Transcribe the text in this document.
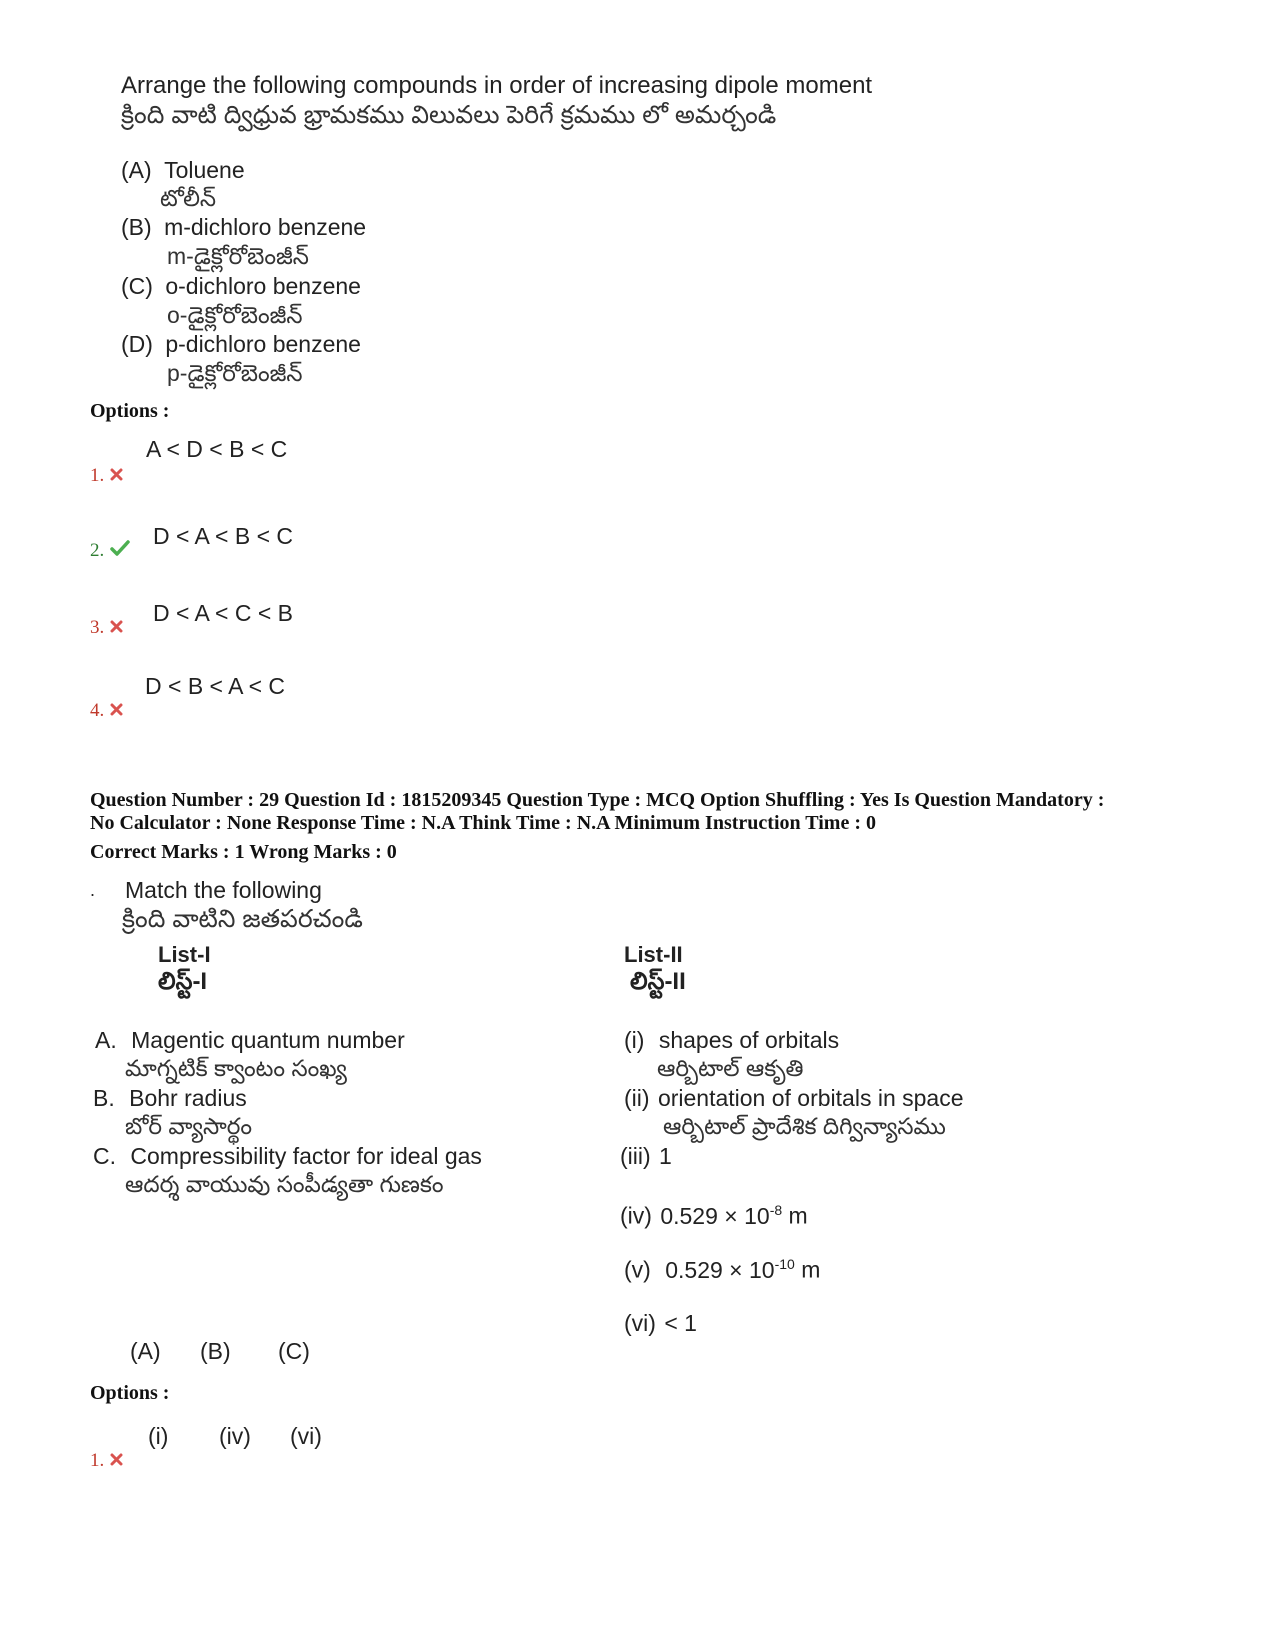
Arrange the following compounds in order of increasing dipole moment
క్రింది వాటి ద్విధ్రువ భ్రామకము విలువలు పెరిగే క్రమము లో అమర్చండి
(A) Toluene
టోలీన్
(B) m-dichloro benzene
m-డైక్లోరోబెంజీన్
(C) o-dichloro benzene
o-డైక్లోరోబెంజీన్
(D) p-dichloro benzene
p-డైక్లోరోబెంజీన్
Options :
A < D < B < C
1.
D < A < B < C
2.
D < A < C < B
3.
D < B < A < C
4.
Question Number : 29 Question Id : 1815209345 Question Type : MCQ Option Shuffling : Yes Is Question Mandatory :
No Calculator : None Response Time : N.A Think Time : N.A Minimum Instruction Time : 0
Correct Marks : 1 Wrong Marks : 0
. Match the following
క్రింది వాటిని జతపరచండి
List-I
లిస్ట్-I
List-II
లిస్ట్-II
A. Magentic quantum number
మాగ్నటిక్ క్వాంటం సంఖ్య
B. Bohr radius
బోర్ వ్యాసార్థం
C. Compressibility factor for ideal gas
ఆదర్శ వాయువు సంపీడ్యతా గుణకం
(i) shapes of orbitals
ఆర్బిటాల్ ఆకృతి
(ii) orientation of orbitals in space
ఆర్బిటాల్ ప్రాదేశిక దిగ్విన్యాసము
(iii) 1
(iv) $0.529 \times 10^{-8}$ m
(v) $0.529 \times 10^{-10}$ m
(vi) < 1
(A) (B) (C)
Options :
(i) (iv) (vi)
1.
